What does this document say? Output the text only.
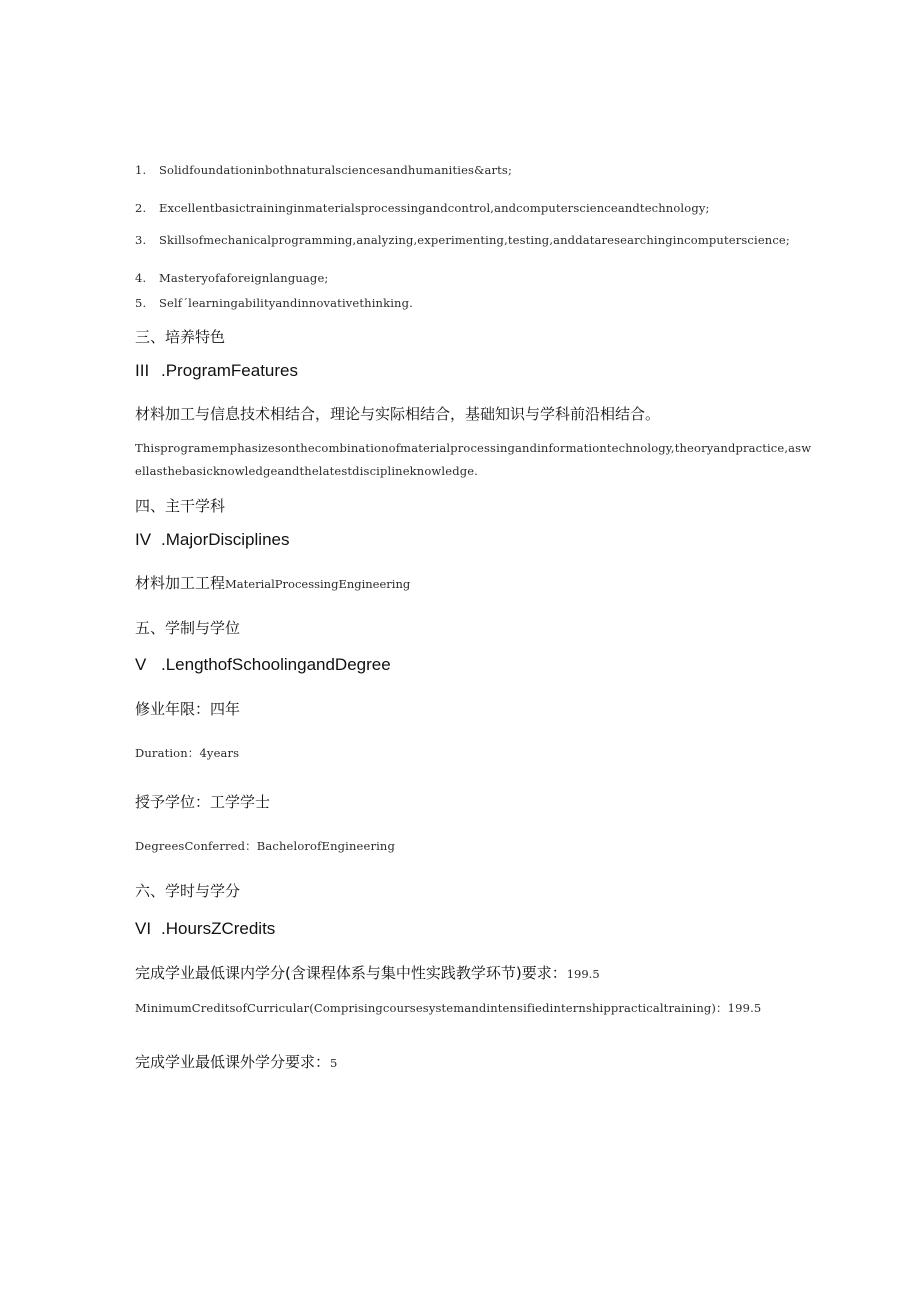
1. Solidfoundationinbothnaturalsciencesandhumanities&arts;
2. Excellentbasictraininginmaterialsprocessingandcontrol,andcomputerscienceandtechnology;
3. Skillsofmechanicalprogramming,analyzing,experimenting,testing,anddataresearchingincomputerscience;
4. Masteryofaforeignlanguage;
5. Self´learningabilityandinnovativethinking.
三、培养特色
III .ProgramFeatures
材料加工与信息技术相结合，理论与实际相结合，基础知识与学科前沿相结合。
Thisprogramemphasizesonthecombinationofmaterialprocessingandinformationtechnology,theoryandpractice,aswellasthebasicknowledgeandthelatestdisciplineknowledge.
四、主干学科
IV .MajorDisciplines
材料加工工程MaterialProcessingEngineering
五、学制与学位
V .LengthofSchoolingandDegree
修业年限：四年
Duration：4years
授予学位：工学学士
DegreesConferred：BachelorofEngineering
六、学时与学分
VI .HoursZCredits
完成学业最低课内学分(含课程体系与集中性实践教学环节)要求：199.5
MinimumCreditsofCurricular(Comprisingcoursesystemandintensifiedinternshippracticaltraining)：199.5
完成学业最低课外学分要求：5
